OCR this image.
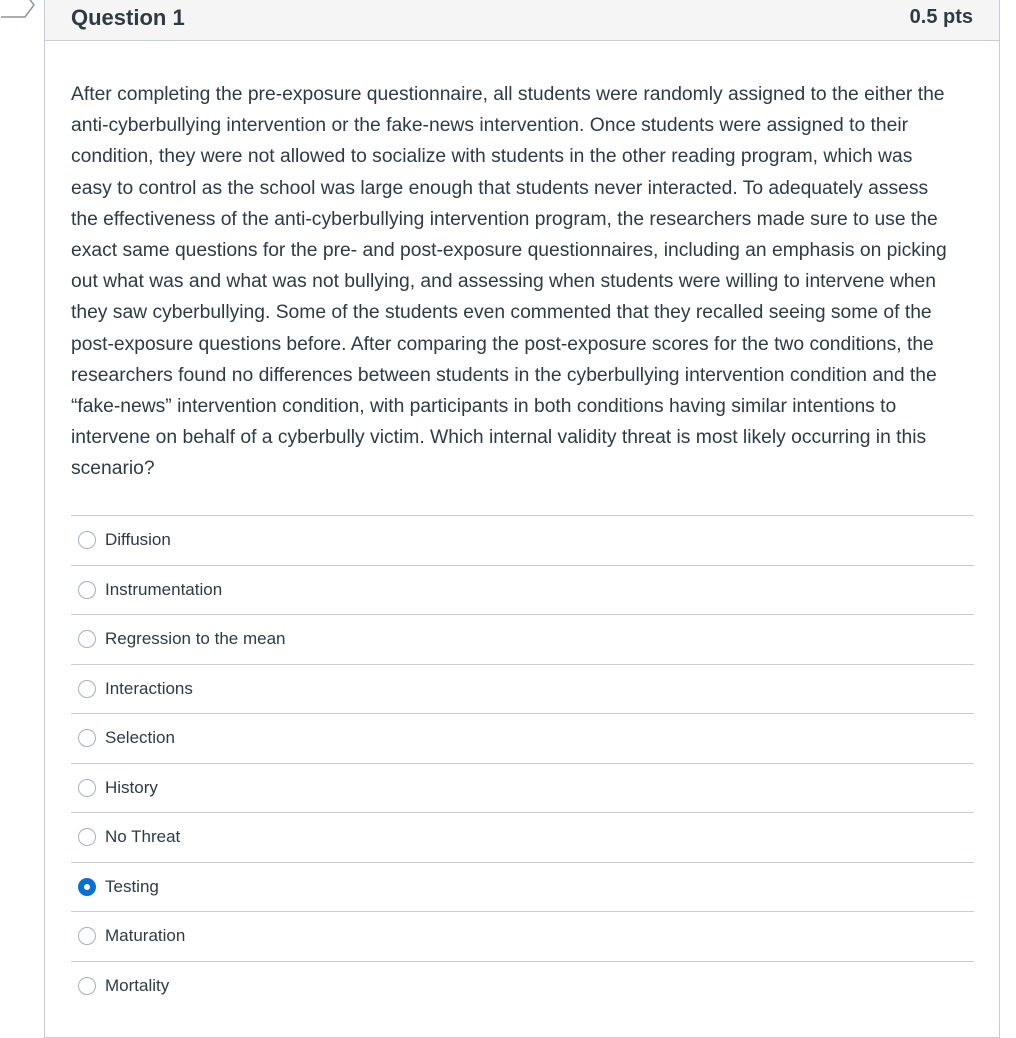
Question 1	0.5 pts

After completing the pre-exposure questionnaire, all students were randomly assigned to the either the anti-cyberbullying intervention or the fake-news intervention. Once students were assigned to their condition, they were not allowed to socialize with students in the other reading program, which was easy to control as the school was large enough that students never interacted. To adequately assess the effectiveness of the anti-cyberbullying intervention program, the researchers made sure to use the exact same questions for the pre- and post-exposure questionnaires, including an emphasis on picking out what was and what was not bullying, and assessing when students were willing to intervene when they saw cyberbullying. Some of the students even commented that they recalled seeing some of the post-exposure questions before. After comparing the post-exposure scores for the two conditions, the researchers found no differences between students in the cyberbullying intervention condition and the “fake-news” intervention condition, with participants in both conditions having similar intentions to intervene on behalf of a cyberbully victim. Which internal validity threat is most likely occurring in this scenario?

Diffusion
Instrumentation
Regression to the mean
Interactions
Selection
History
No Threat
Testing
Maturation
Mortality
